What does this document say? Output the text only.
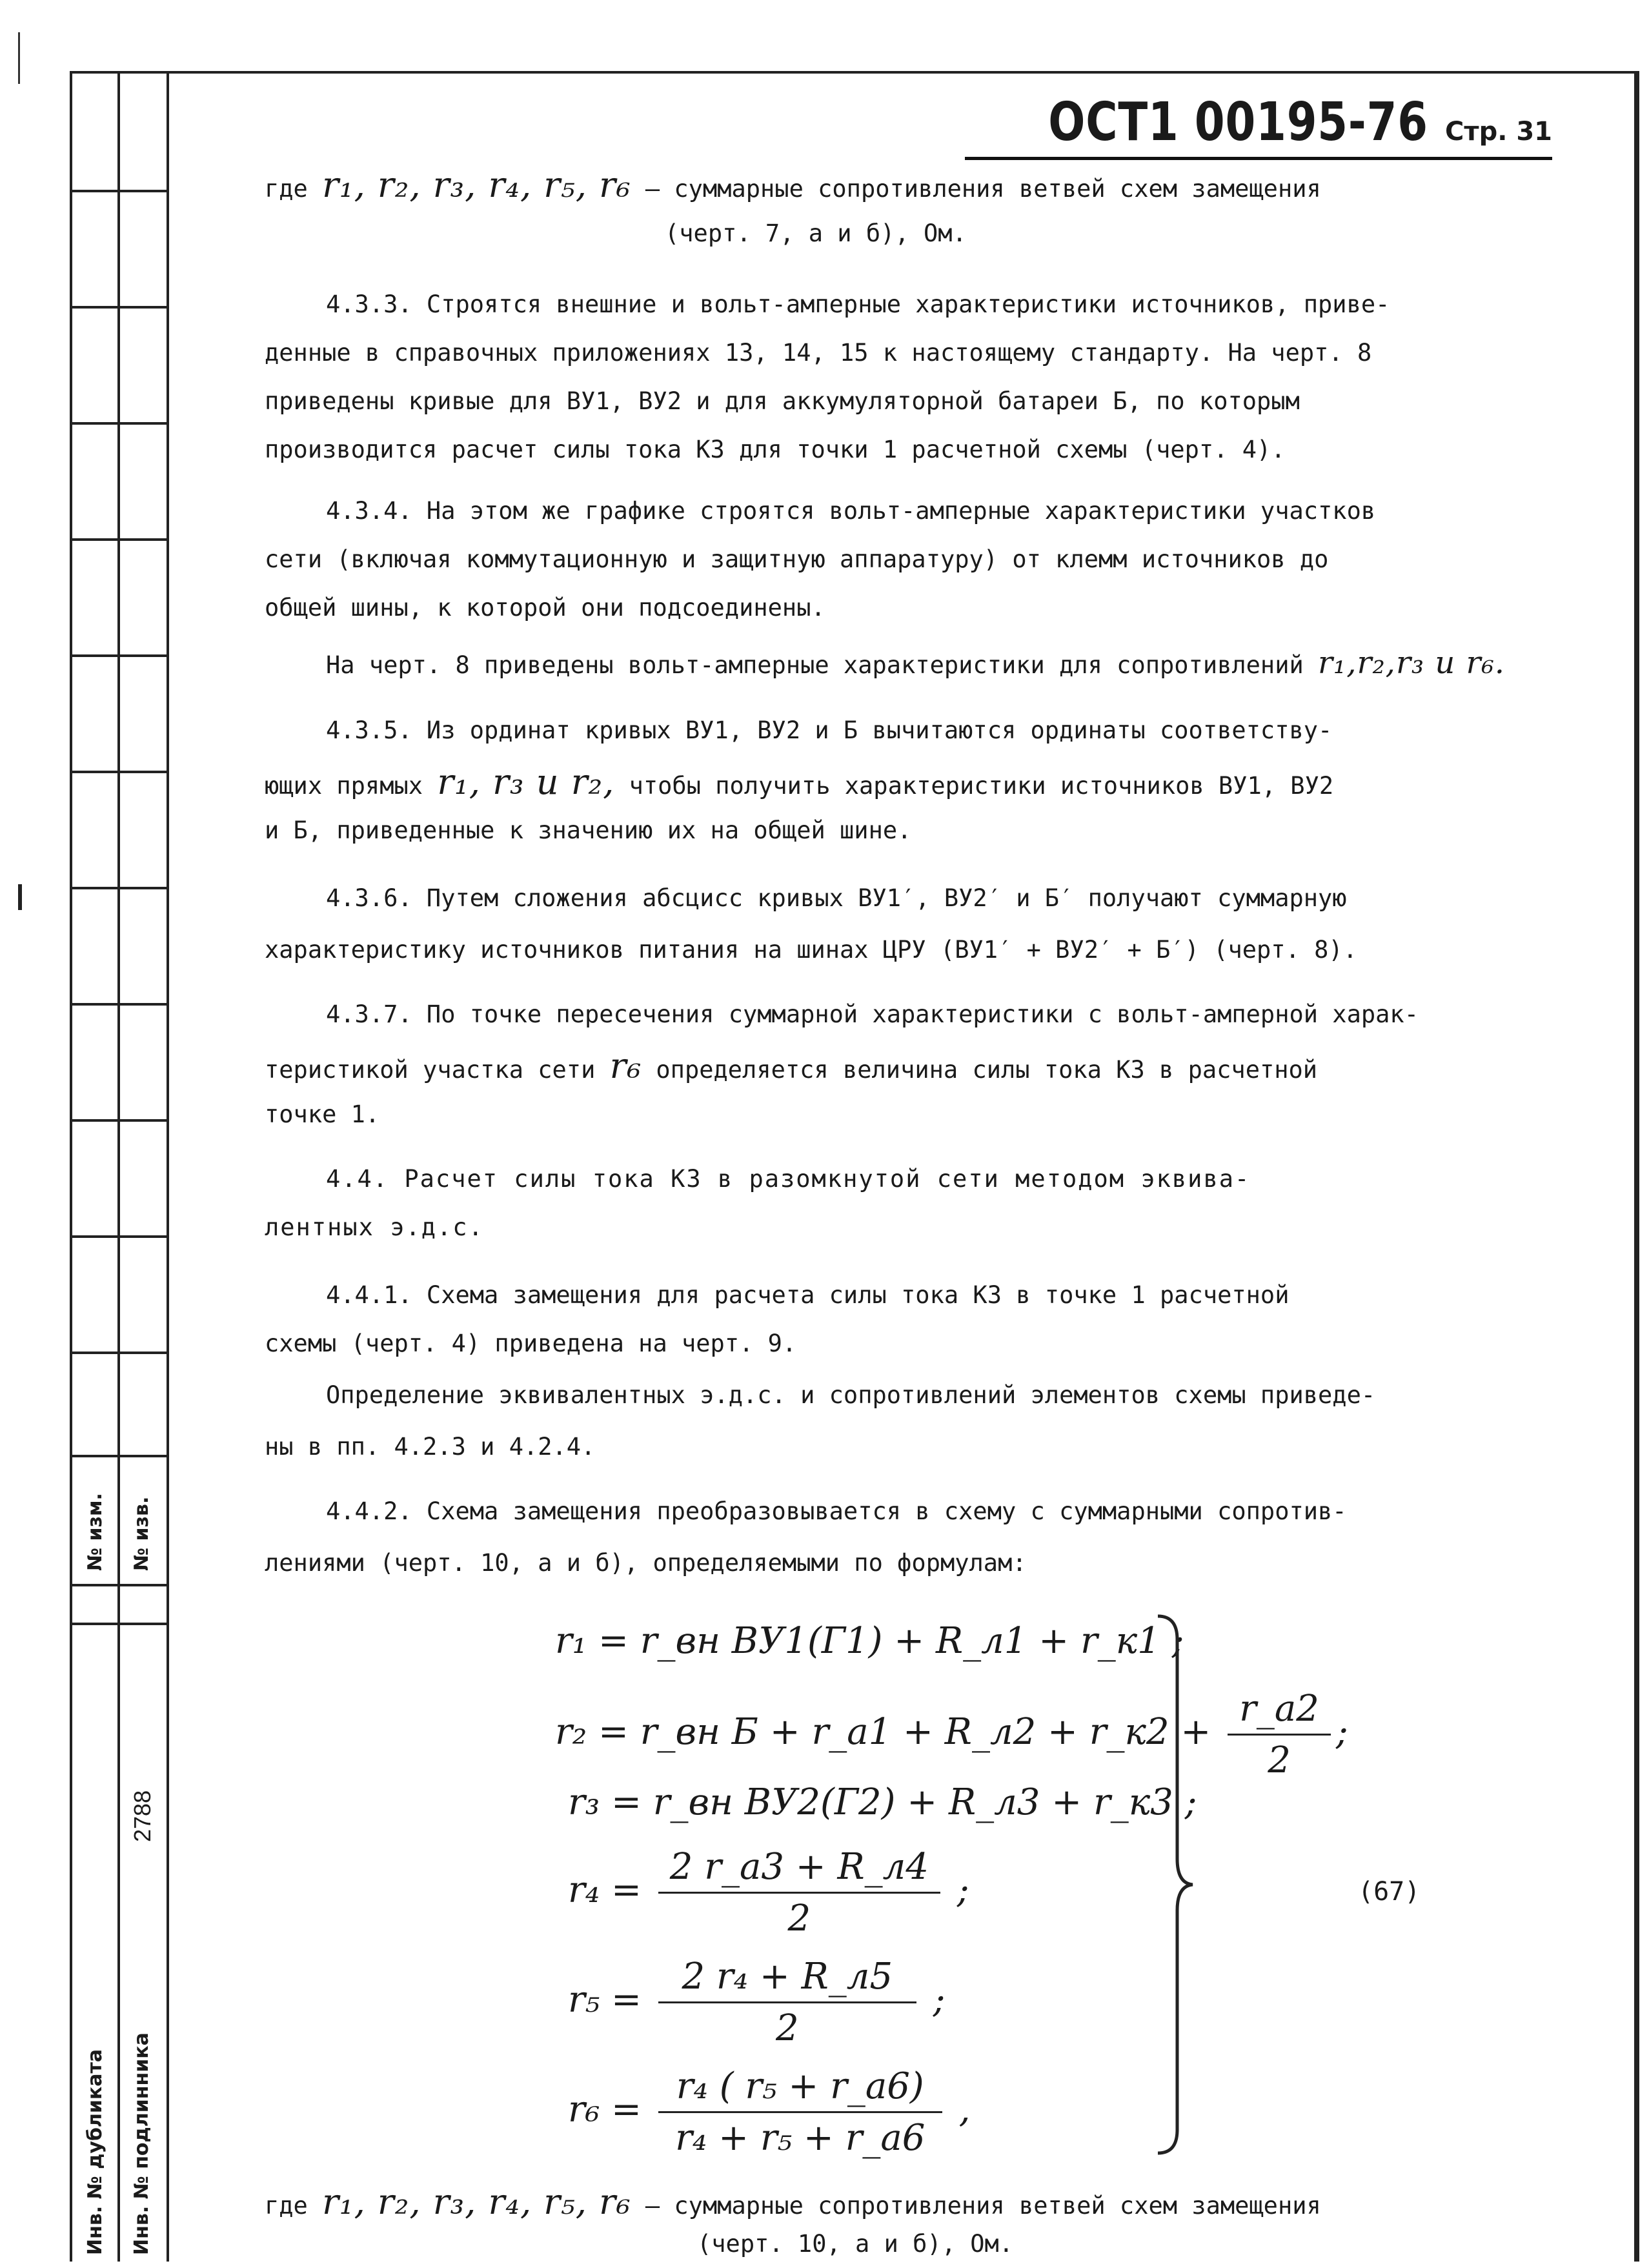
№ изм.
Инв. № дубликата
№ изв.
2788
Инв. № подлинника
ОСТ1 00195-76 Стр. 31
где r₁, r₂, r₃, r₄, r₅, r₆ – суммарные сопротивления ветвей схем замещения
(черт. 7, а и б), Ом.
4.3.3. Строятся внешние и вольт-амперные характеристики источников, приве-
денные в справочных приложениях 13, 14, 15 к настоящему стандарту. На черт. 8
приведены кривые для ВУ1, ВУ2 и для аккумуляторной батареи Б, по которым
производится расчет силы тока КЗ для точки 1 расчетной схемы (черт. 4).
4.3.4. На этом же графике строятся вольт-амперные характеристики участков
сети (включая коммутационную и защитную аппаратуру) от клемм источников до
общей шины, к которой они подсоединены.
На черт. 8 приведены вольт-амперные характеристики для сопротивлений r₁,r₂,r₃ и r₆.
4.3.5. Из ординат кривых ВУ1, ВУ2 и Б вычитаются ординаты соответству-
ющих прямых r₁, r₃ и r₂, чтобы получить характеристики источников ВУ1, ВУ2
и Б, приведенные к значению их на общей шине.
4.3.6. Путем сложения абсцисс кривых ВУ1′, ВУ2′ и Б′ получают суммарную
характеристику источников питания на шинах ЦРУ (ВУ1′ + ВУ2′ + Б′) (черт. 8).
4.3.7. По точке пересечения суммарной характеристики с вольт-амперной харак-
теристикой участка сети r₆ определяется величина силы тока КЗ в расчетной
точке 1.
4.4. Расчет силы тока КЗ в разомкнутой сети методом эквива-
лентных э.д.с.
4.4.1. Схема замещения для расчета силы тока КЗ в точке 1 расчетной
схемы (черт. 4) приведена на черт. 9.
Определение эквивалентных э.д.с. и сопротивлений элементов схемы приведе-
ны в пп. 4.2.3 и 4.2.4.
4.4.2. Схема замещения преобразовывается в схему с суммарными сопротив-
лениями (черт. 10, а и б), определяемыми по формулам:
r₁ = r_вн ВУ1(Г1) + R_л1 + r_к1 ;
r₂ = r_вн Б + r_а1 + R_л2 + r_к2 + $\frac{r\_а2}{2}$ ;
r₃ = r_вн ВУ2(Г2) + R_л3 + r_к3 ;
$r_4 = \frac{2 r\_а3 + R\_л4}{2}$ ;
$r_5 = \frac{\text{2 r₄ + R\_л5}}{2}$ ;
$r_6 = \frac{\text{r₄ ( r₅ + r\_а6)}}{\text{r₄ + r₅ + r\_а6}}$ ,
(67)
где r₁, r₂, r₃, r₄, r₅, r₆ – суммарные сопротивления ветвей схем замещения
(черт. 10, а и б), Ом.
